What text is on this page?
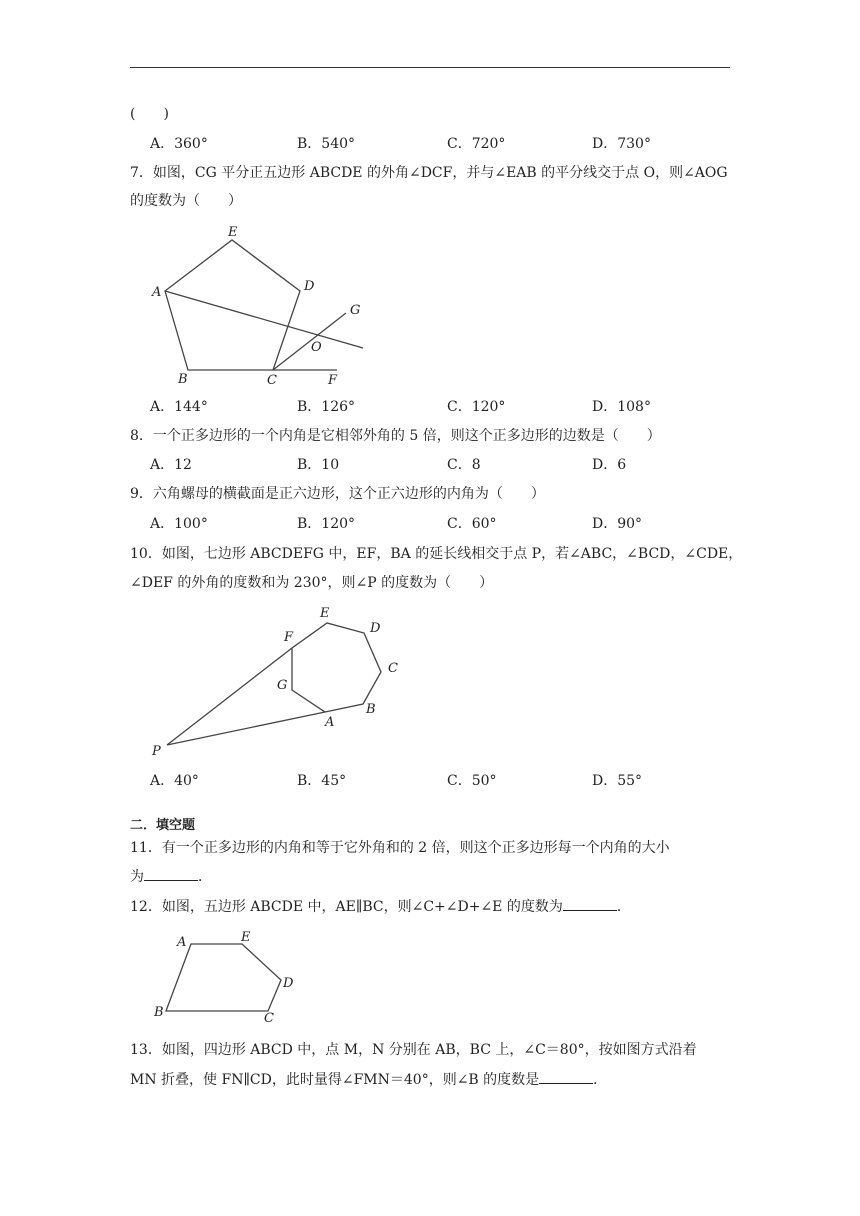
(　　)
A．360°	B．540°	C．720°	D．730°
7．如图，CG 平分正五边形 ABCDE 的外角∠DCF，并与∠EAB 的平分线交于点 O，则∠AOG
的度数为（　　）
E
A	D
G
O
B	C	F
A．144°	B．126°	C．120°	D．108°
8．一个正多边形的一个内角是它相邻外角的 5 倍，则这个正多边形的边数是（　　）
A．12	B．10	C．8	D．6
9．六角螺母的横截面是正六边形，这个正六边形的内角为（　　）
A．100°	B．120°	C．60°	D．90°
10．如图，七边形 ABCDEFG 中，EF，BA 的延长线相交于点 P，若∠ABC，∠BCD，∠CDE，
∠DEF 的外角的度数和为 230°，则∠P 的度数为（　　）
E
D
F
C
G
B
A
P
A．40°	B．45°	C．50°	D．55°
二．填空题
11．有一个正多边形的内角和等于它外角和的 2 倍，则这个正多边形每一个内角的大小
为	．
12．如图，五边形 ABCDE 中，AE∥BC，则∠C+∠D+∠E 的度数为	．
A	E
D
B	C
13．如图，四边形 ABCD 中，点 M，N 分别在 AB，BC 上，∠C＝80°，按如图方式沿着
MN 折叠，使 FN∥CD，此时量得∠FMN＝40°，则∠B 的度数是	．
